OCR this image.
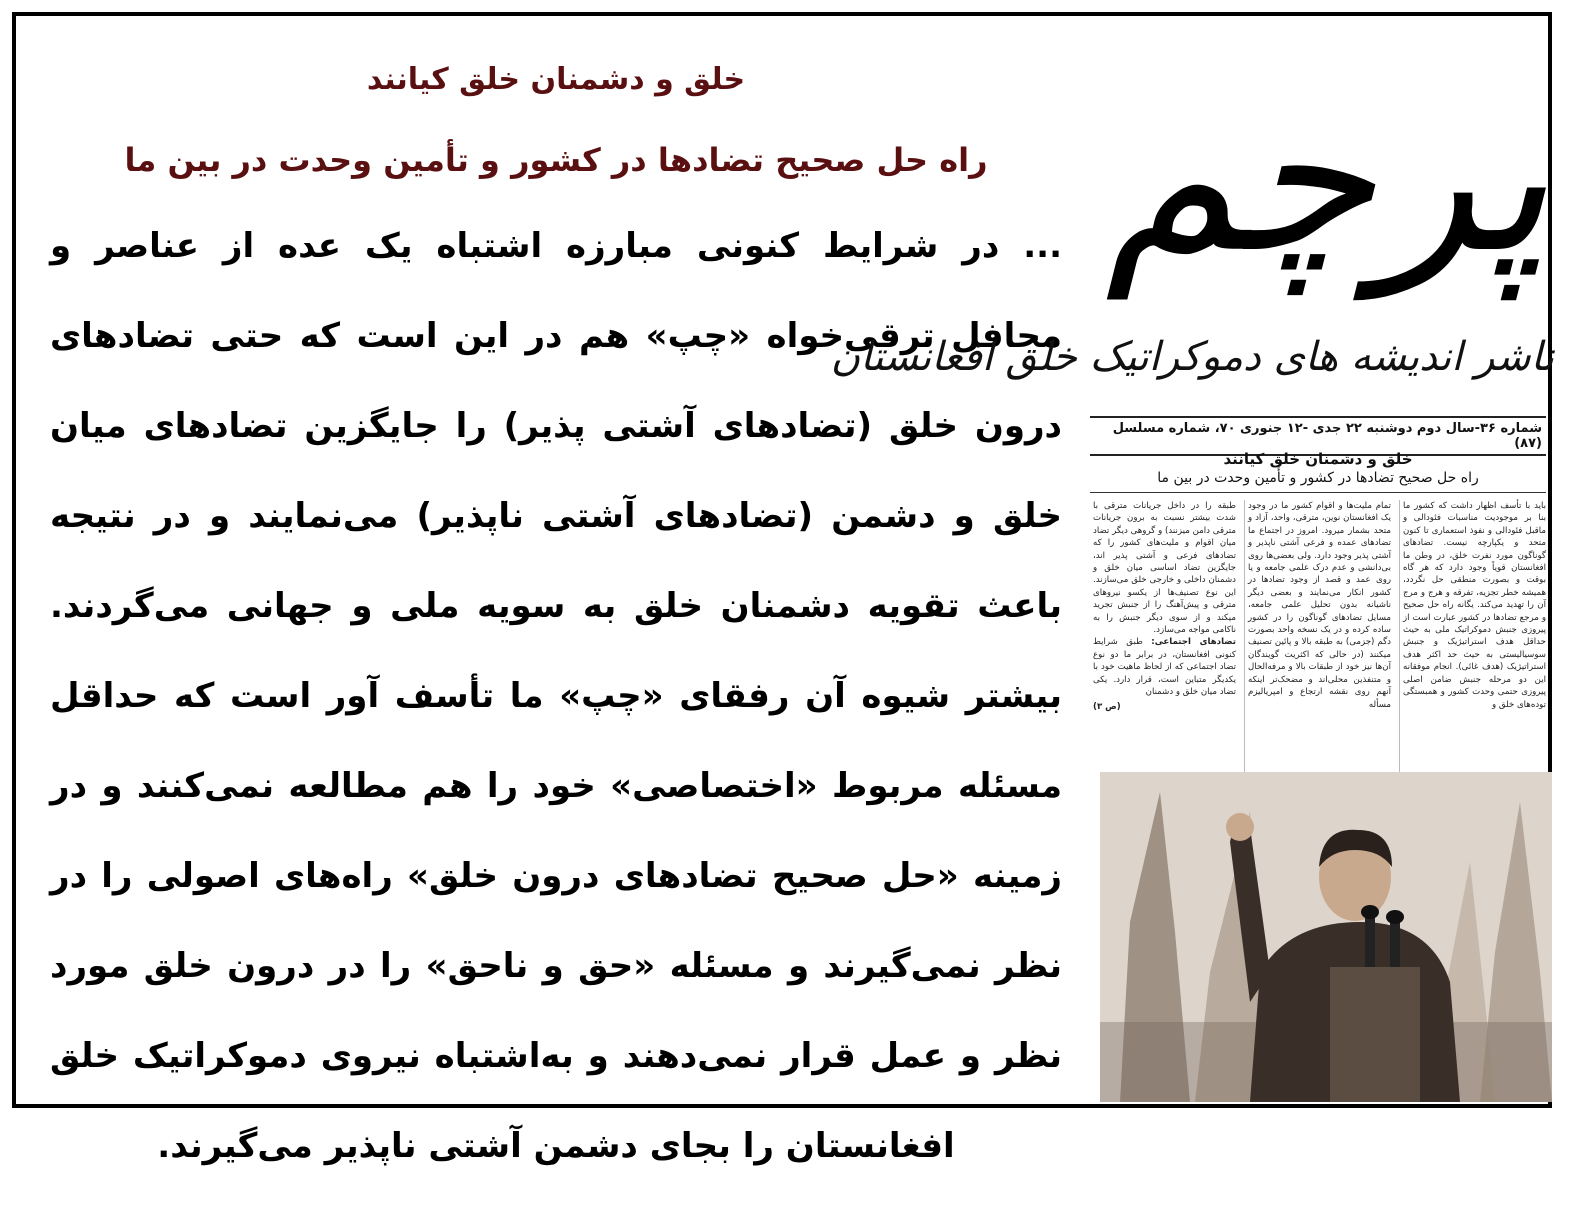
خلق و دشمنان خلق کیانند
راه حل صحیح تضادها در کشور و تأمین وحدت در بین ما

... در شرایط کنونی مبارزه اشتباه یک عده از عناصر و محافل ترقی‌خواه «چپ» هم در این است که حتی تضادهای درون خلق (تضادهای آشتی پذیر) را جایگزین تضادهای میان خلق و دشمن (تضادهای آشتی ناپذیر) می‌نمایند و در نتیجه باعث تقویه دشمنان خلق به سویه ملی و جهانی می‌گردند. بیشتر شیوه آن رفقای «چپ» ما تأسف آور است که حداقل مسئله مربوط «اختصاصی» خود را هم مطالعه نمی‌کنند و در زمینه «حل صحیح تضادهای درون خلق» راه‌های اصولی را در نظر نمی‌گیرند و مسئله «حق و ناحق» را در درون خلق مورد نظر و عمل قرار نمی‌دهند و به‌اشتباه نیروی دموکراتیک خلق افغانستان را بجای دشمن آشتی ناپذیر می‌گیرند.

پرچم
ناشر اندیشه های دموکراتیک خلق افغانستان
شماره ۳۶-سال دوم دوشنبه ۲۲ جدی -۱۲ جنوری ۷۰، شماره مسلسل (۸۷)
خلق و دشمنان خلق کیانند
راه حل صحیح تضادها در کشور و تأمین وحدت در بین ما
باید با تأسف اظهار داشت که کشور ما بنا بر موجودیت مناسبات فئودالی و ماقبل فئودالی و نفوذ استعماری تا کنون متحد و یکپارچه نیست. تضادهای گوناگون مورد نفرت خلق، در وطن ما افغانستان قویاً وجود دارد که هر گاه بوقت و بصورت منطقی حل نگردد، همیشه خطر تجزیه، تفرقه و هرج و مرج آن را تهدید می‌کند. یگانه راه حل صحیح و مرجع تضادها در کشور عبارت است از پیروزی جنبش دموکراتیک ملی به حیث حداقل هدف استراتیژیک و جنبش سوسیالیستی به حیث حد اکثر هدف استراتیژیک (هدف غائی). انجام موفقانه این دو مرحله جنبش ضامن اصلی پیروزی حتمی وحدت کشور و همبستگی توده‌های خلق و
تمام ملیت‌ها و اقوام کشور ما در وجود یک افغانستان نوین، مترقی، واحد، آزاد و متحد بشمار میرود. امروز در اجتماع ما تضادهای عمده و فرعی آشتی ناپذیر و آشتی پذیر وجود دارد. ولی بعضی‌ها روی بی‌دانشی و عدم درک علمی جامعه و یا روی عمد و قصد از وجود تضادها در کشور انکار می‌نمایند و بعضی دیگر ناشیانه بدون تحلیل علمی جامعه، مسایل تضادهای گوناگون را در کشور ساده کرده و در یک نسخه واحد بصورت دگم (جزمی) به طبقه بالا و پائین تصنیف میکنند (در حالی که اکثریت گویندگان آن‌ها نیز خود از طبقات بالا و مرفه‌الحال و متنفذین محلی‌اند و مضحک‌تر اینکه آنهم روی نقشه ارتجاع و امپریالیزم مسأله
طبقه را در داخل جریانات مترقی با شدت بیشتر نسبت به برون جریانات مترقی دامن میزنند) و گروهی دیگر تضاد میان اقوام و ملیت‌های کشور را که تضادهای فرعی و آشتی پذیر اند، جایگزین تضاد اساسی میان خلق و دشمنان داخلی و خارجی خلق می‌سازند. این نوع تصنیف‌ها از یکسو نیروهای مترقی و پیش‌آهنگ را از جنبش تجرید میکند و از سوی دیگر جنبش را به ناکامی مواجه می‌سازد.
تضادهای اجتماعی: طبق شرایط کنونی افغانستان، در برابر ما دو نوع تضاد اجتماعی که از لحاظ ماهیت خود با یکدیگر متباین است، قرار دارد. یکی تضاد میان خلق و دشمنان
(ص ۳)
